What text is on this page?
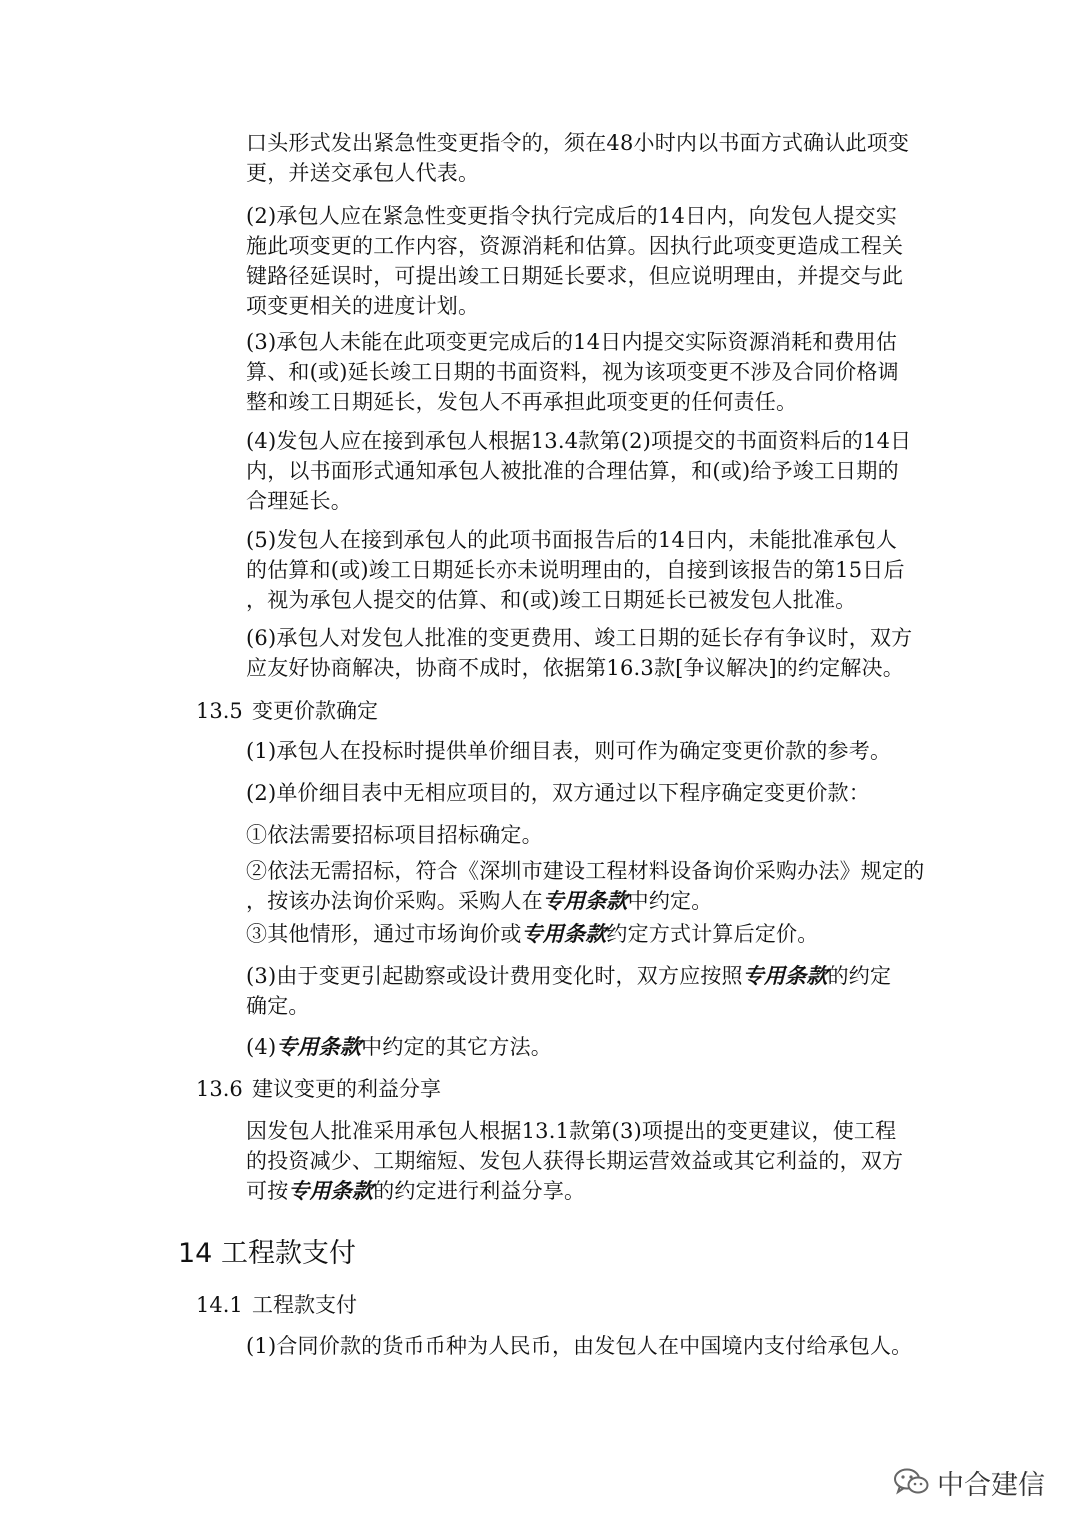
口头形式发出紧急性变更指令的，须在48小时内以书面方式确认此项变
更，并送交承包人代表。
(2)承包人应在紧急性变更指令执行完成后的14日内，向发包人提交实
施此项变更的工作内容，资源消耗和估算。因执行此项变更造成工程关
键路径延误时，可提出竣工日期延长要求，但应说明理由，并提交与此
项变更相关的进度计划。
(3)承包人未能在此项变更完成后的14日内提交实际资源消耗和费用估
算、和(或)延长竣工日期的书面资料，视为该项变更不涉及合同价格调
整和竣工日期延长，发包人不再承担此项变更的任何责任。
(4)发包人应在接到承包人根据13.4款第(2)项提交的书面资料后的14日
内，以书面形式通知承包人被批准的合理估算，和(或)给予竣工日期的
合理延长。
(5)发包人在接到承包人的此项书面报告后的14日内，未能批准承包人
的估算和(或)竣工日期延长亦未说明理由的，自接到该报告的第15日后
，视为承包人提交的估算、和(或)竣工日期延长已被发包人批准。
(6)承包人对发包人批准的变更费用、竣工日期的延长存有争议时，双方
应友好协商解决，协商不成时，依据第16.3款[争议解决]的约定解决。
13.5 变更价款确定
(1)承包人在投标时提供单价细目表，则可作为确定变更价款的参考。
(2)单价细目表中无相应项目的，双方通过以下程序确定变更价款：
①依法需要招标项目招标确定。
②依法无需招标，符合《深圳市建设工程材料设备询价采购办法》规定的
，按该办法询价采购。采购人在专用条款中约定。
③其他情形，通过市场询价或专用条款约定方式计算后定价。
(3)由于变更引起勘察或设计费用变化时，双方应按照专用条款的约定
确定。
(4)专用条款中约定的其它方法。
13.6 建议变更的利益分享
因发包人批准采用承包人根据13.1款第(3)项提出的变更建议，使工程
的投资减少、工期缩短、发包人获得长期运营效益或其它利益的，双方
可按专用条款的约定进行利益分享。
14 工程款支付
14.1 工程款支付
(1)合同价款的货币币种为人民币，由发包人在中国境内支付给承包人。
中合建信
